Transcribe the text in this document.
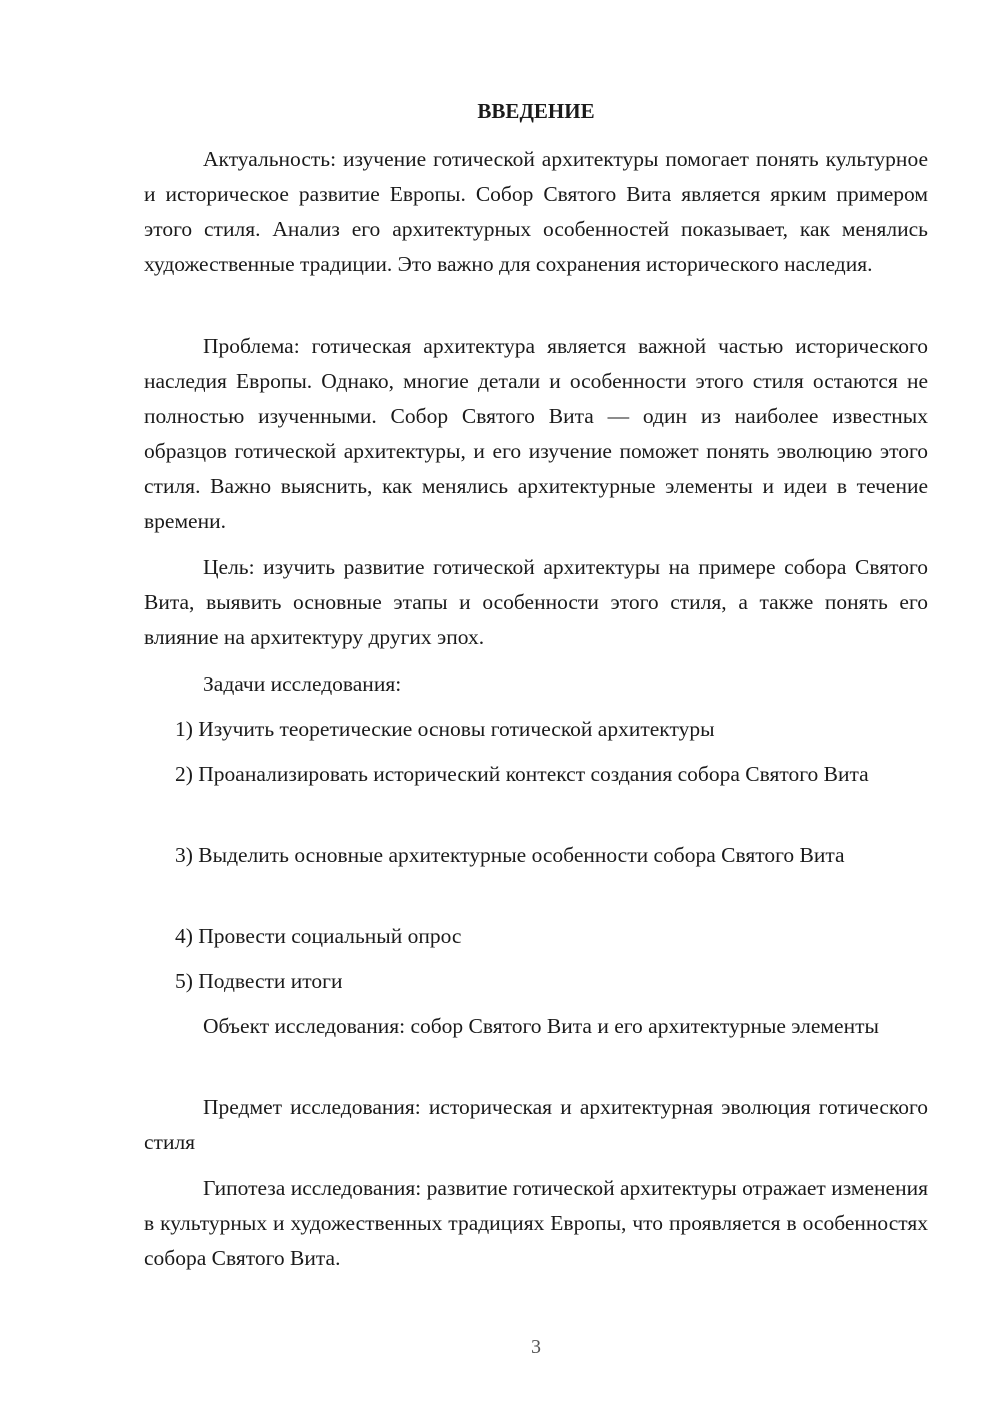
ВВЕДЕНИЕ

Актуальность: изучение готической архитектуры помогает понять культурное и историческое развитие Европы. Собор Святого Вита является ярким примером этого стиля. Анализ его архитектурных особенностей показывает, как менялись художественные традиции. Это важно для сохранения исторического наследия.

Проблема: готическая архитектура является важной частью исторического наследия Европы. Однако, многие детали и особенности этого стиля остаются не полностью изученными. Собор Святого Вита — один из наиболее известных образцов готической архитектуры, и его изучение поможет понять эволюцию этого стиля. Важно выяснить, как менялись архитектурные элементы и идеи в течение времени.

Цель: изучить развитие готической архитектуры на примере собора Святого Вита, выявить основные этапы и особенности этого стиля, а также понять его влияние на архитектуру других эпох.

Задачи исследования:

1) Изучить теоретические основы готической архитектуры

2) Проанализировать исторический контекст создания собора Святого Вита

3) Выделить основные архитектурные особенности собора Святого Вита

4) Провести социальный опрос

5) Подвести итоги

Объект исследования: собор Святого Вита и его архитектурные элементы

Предмет исследования: историческая и архитектурная эволюция готического стиля

Гипотеза исследования: развитие готической архитектуры отражает изменения в культурных и художественных традициях Европы, что проявляется в особенностях собора Святого Вита.

3
